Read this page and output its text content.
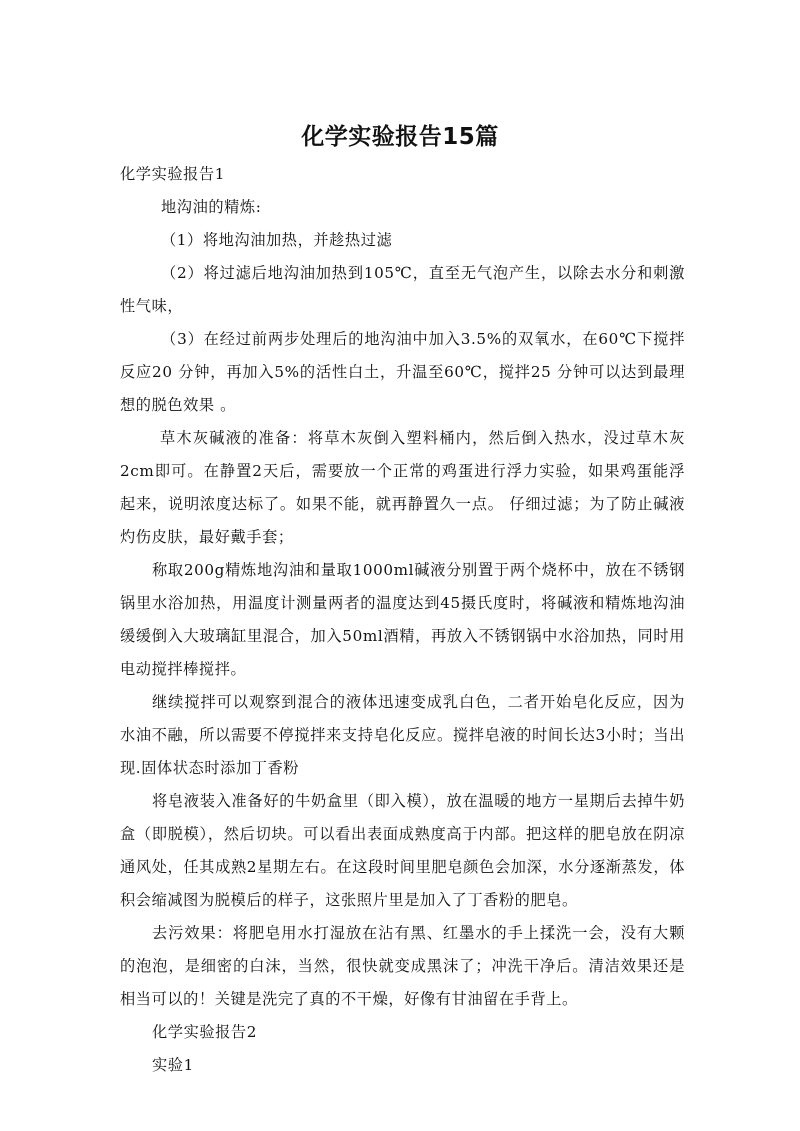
化学实验报告15篇

化学实验报告1

地沟油的精炼:

（1）将地沟油加热，并趁热过滤

（2）将过滤后地沟油加热到105℃，直至无气泡产生，以除去水分和刺激性气味，

（3）在经过前两步处理后的地沟油中加入3.5%的双氧水，在60℃下搅拌反应20 分钟，再加入5%的活性白土，升温至60℃，搅拌25 分钟可以达到最理想的脱色效果 。

草木灰碱液的准备：将草木灰倒入塑料桶内，然后倒入热水，没过草木灰2cm即可。在静置2天后，需要放一个正常的鸡蛋进行浮力实验，如果鸡蛋能浮起来，说明浓度达标了。如果不能，就再静置久一点。 仔细过滤；为了防止碱液灼伤皮肤，最好戴手套；

称取200g精炼地沟油和量取1000ml碱液分别置于两个烧杯中，放在不锈钢锅里水浴加热，用温度计测量两者的温度达到45摄氏度时，将碱液和精炼地沟油缓缓倒入大玻璃缸里混合，加入50ml酒精，再放入不锈钢锅中水浴加热，同时用电动搅拌棒搅拌。

继续搅拌可以观察到混合的液体迅速变成乳白色，二者开始皂化反应，因为水油不融，所以需要不停搅拌来支持皂化反应。搅拌皂液的时间长达3小时；当出现.固体状态时添加丁香粉

将皂液装入准备好的牛奶盒里（即入模），放在温暖的地方一星期后去掉牛奶盒（即脱模），然后切块。可以看出表面成熟度高于内部。把这样的肥皂放在阴凉通风处，任其成熟2星期左右。在这段时间里肥皂颜色会加深，水分逐渐蒸发，体积会缩减图为脱模后的样子，这张照片里是加入了丁香粉的肥皂。

去污效果：将肥皂用水打湿放在沾有黑、红墨水的手上揉洗一会，没有大颗的泡泡，是细密的白沫，当然，很快就变成黑沫了；冲洗干净后。清洁效果还是相当可以的！关键是洗完了真的不干燥，好像有甘油留在手背上。

化学实验报告2

实验1
